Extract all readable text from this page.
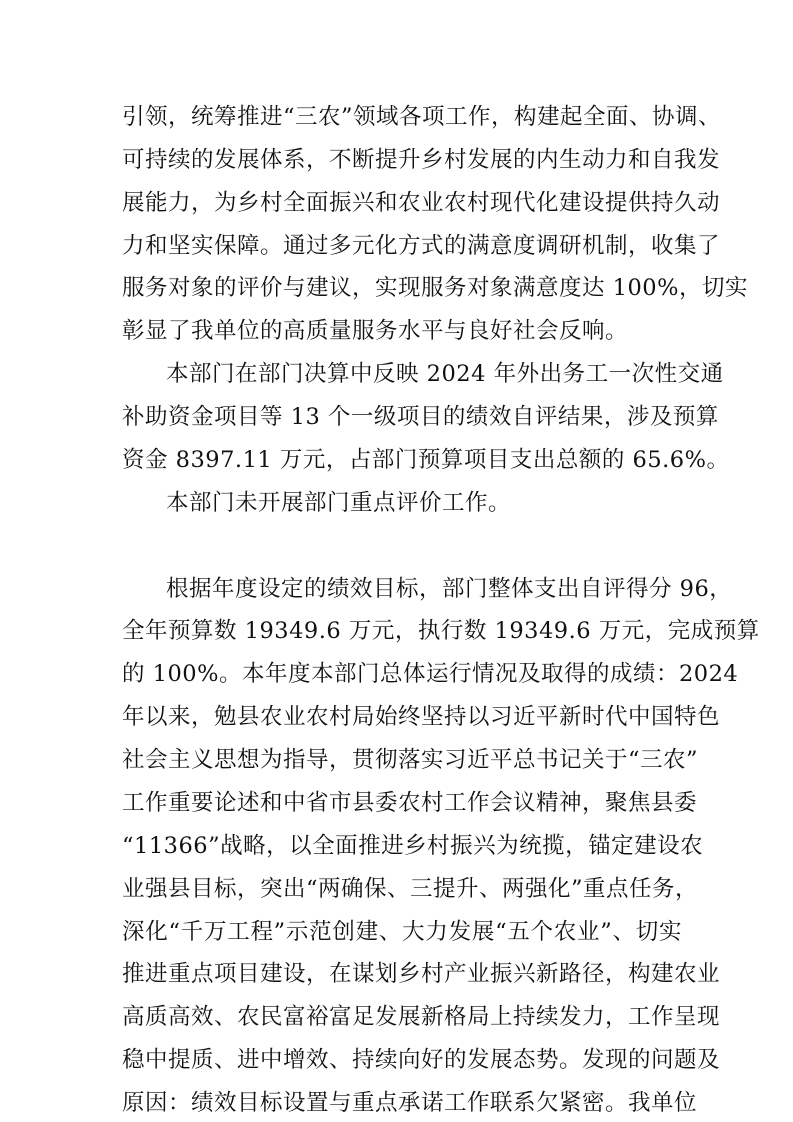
引领，统筹推进“三农”领域各项工作，构建起全面、协调、
可持续的发展体系，不断提升乡村发展的内生动力和自我发
展能力，为乡村全面振兴和农业农村现代化建设提供持久动
力和坚实保障。通过多元化方式的满意度调研机制，收集了
服务对象的评价与建议，实现服务对象满意度达 100%，切实
彰显了我单位的高质量服务水平与良好社会反响。
本部门在部门决算中反映 2024 年外出务工一次性交通
补助资金项目等 13 个一级项目的绩效自评结果，涉及预算
资金 8397.11 万元，占部门预算项目支出总额的 65.6%。
本部门未开展部门重点评价工作。
根据年度设定的绩效目标，部门整体支出自评得分 96，
全年预算数 19349.6 万元，执行数 19349.6 万元，完成预算
的 100%。本年度本部门总体运行情况及取得的成绩：2024
年以来，勉县农业农村局始终坚持以习近平新时代中国特色
社会主义思想为指导，贯彻落实习近平总书记关于“三农”
工作重要论述和中省市县委农村工作会议精神，聚焦县委
“11366”战略，以全面推进乡村振兴为统揽，锚定建设农
业强县目标，突出“两确保、三提升、两强化”重点任务，
深化“千万工程”示范创建、大力发展“五个农业”、切实
推进重点项目建设，在谋划乡村产业振兴新路径，构建农业
高质高效、农民富裕富足发展新格局上持续发力，工作呈现
稳中提质、进中增效、持续向好的发展态势。发现的问题及
原因：绩效目标设置与重点承诺工作联系欠紧密。我单位
